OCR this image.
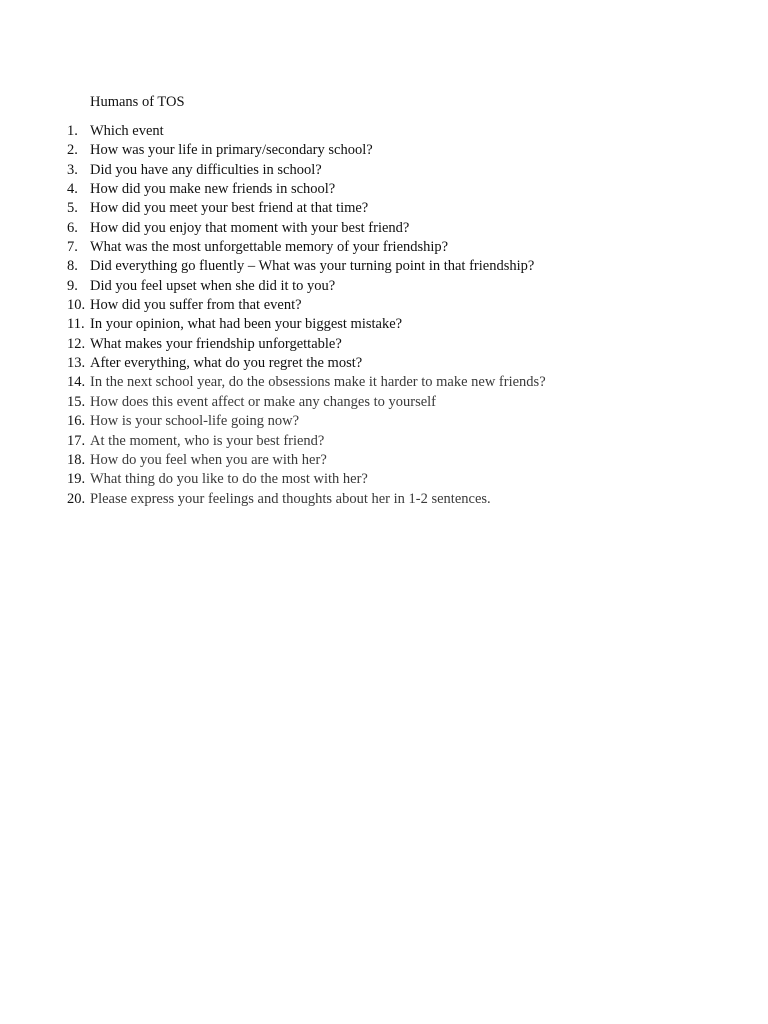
Humans of TOS
1. Which event
2. How was your life in primary/secondary school?
3. Did you have any difficulties in school?
4. How did you make new friends in school?
5. How did you meet your best friend at that time?
6. How did you enjoy that moment with your best friend?
7. What was the most unforgettable memory of your friendship?
8. Did everything go fluently – What was your turning point in that friendship?
9. Did you feel upset when she did it to you?
10. How did you suffer from that event?
11. In your opinion, what had been your biggest mistake?
12. What makes your friendship unforgettable?
13. After everything, what do you regret the most?
14. In the next school year, do the obsessions make it harder to make new friends?
15. How does this event affect or make any changes to yourself
16. How is your school-life going now?
17. At the moment, who is your best friend?
18. How do you feel when you are with her?
19. What thing do you like to do the most with her?
20. Please express your feelings and thoughts about her in 1-2 sentences.
